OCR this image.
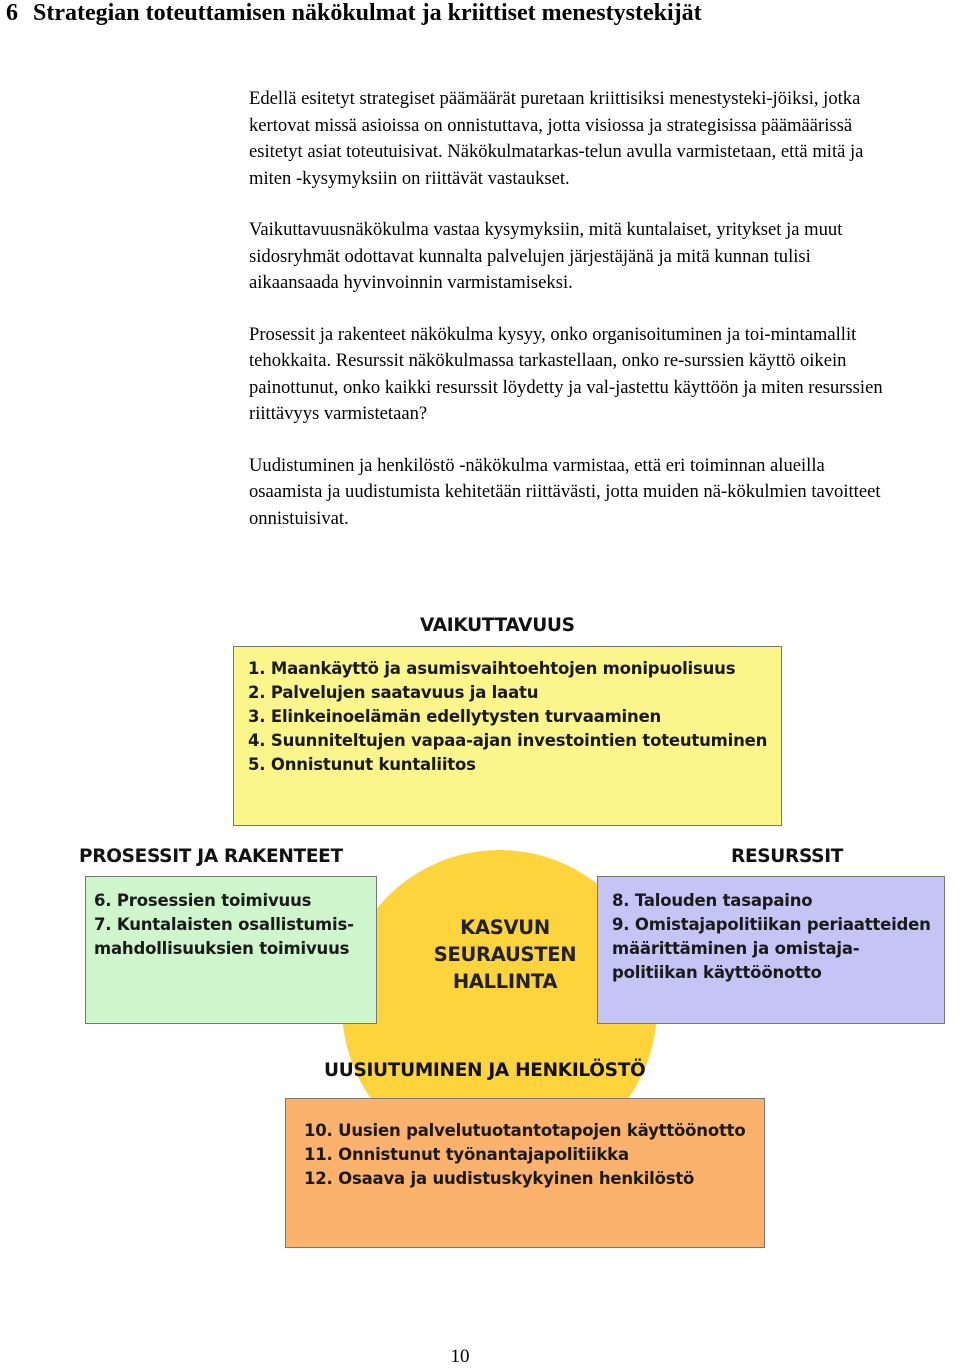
6 Strategian toteuttamisen näkökulmat ja kriittiset menestystekijät

Edellä esitetyt strategiset päämäärät puretaan kriittisiksi menestysteki-jöiksi, jotka kertovat missä asioissa on onnistuttava, jotta visiossa ja strategisissa päämäärissä esitetyt asiat toteutuisivat. Näkökulmatarkas-telun avulla varmistetaan, että mitä ja miten -kysymyksiin on riittävät vastaukset.

Vaikuttavuusnäkökulma vastaa kysymyksiin, mitä kuntalaiset, yritykset ja muut sidosryhmät odottavat kunnalta palvelujen järjestäjänä ja mitä kunnan tulisi aikaansaada hyvinvoinnin varmistamiseksi.

Prosessit ja rakenteet näkökulma kysyy, onko organisoituminen ja toi-mintamallit tehokkaita. Resurssit näkökulmassa tarkastellaan, onko re-surssien käyttö oikein painottunut, onko kaikki resurssit löydetty ja val-jastettu käyttöön ja miten resurssien riittävyys varmistetaan?

Uudistuminen ja henkilöstö -näkökulma varmistaa, että eri toiminnan alueilla osaamista ja uudistumista kehitetään riittävästi, jotta muiden nä-kökulmien tavoitteet onnistuisivat.

VAIKUTTAVUUS
1. Maankäyttö ja asumisvaihtoehtojen monipuolisuus
2. Palvelujen saatavuus ja laatu
3. Elinkeinoelämän edellytysten turvaaminen
4. Suunniteltujen vapaa-ajan investointien toteutuminen
5. Onnistunut kuntaliitos
PROSESSIT JA RAKENTEET
6. Prosessien toimivuus
7. Kuntalaisten osallistumis-mahdollisuuksien toimivuus
RESURSSIT
8. Talouden tasapaino
9. Omistajapolitiikan periaatteiden määrittäminen ja omistaja-politiikan käyttöönotto
KASVUN
SEURAUSTEN
HALLINTA
UUSIUTUMINEN JA HENKILÖSTÖ
10. Uusien palvelutuotantotapojen käyttöönotto
11. Onnistunut työnantajapolitiikka
12. Osaava ja uudistuskykyinen henkilöstö
10
